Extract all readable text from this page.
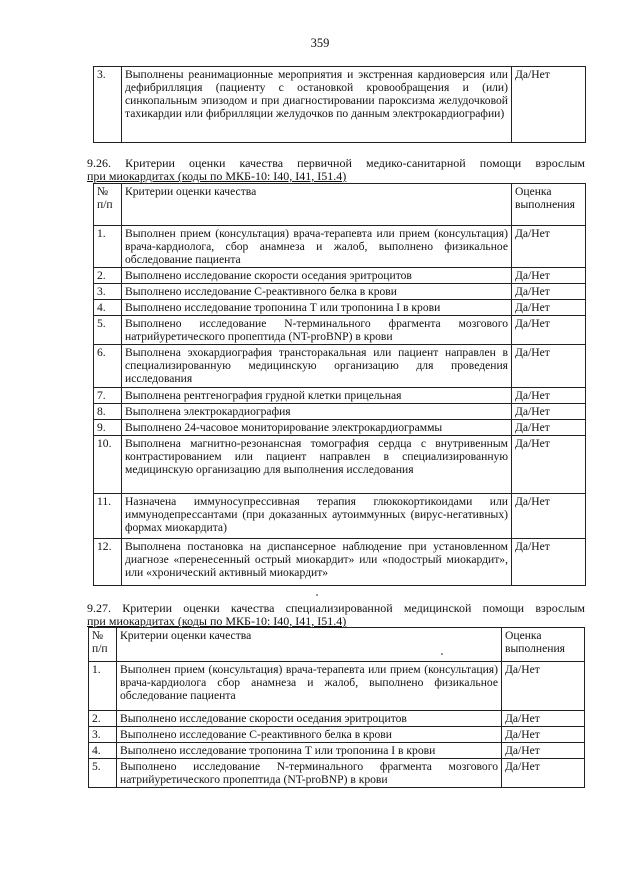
359
3.	Выполнены реанимационные мероприятия и экстренная кардиоверсия или дефибрилляция (пациенту с остановкой кровообращения и (или) синкопальным эпизодом и при диагностировании пароксизма желудочковой тахикардии или фибрилляции желудочков по данным электрокардиографии)	Да/Нет
9.26. Критерии оценки качества первичной медико-санитарной помощи взрослым
при миокардитах (коды по МКБ-10: I40, I41, I51.4)
№ п/п	Критерии оценки качества	Оценка выполнения
1.	Выполнен прием (консультация) врача-терапевта или прием (консультация) врача-кардиолога, сбор анамнеза и жалоб, выполнено физикальное обследование пациента	Да/Нет
2.	Выполнено исследование скорости оседания эритроцитов	Да/Нет
3.	Выполнено исследование С-реактивного белка в крови	Да/Нет
4.	Выполнено исследование тропонина Т или тропонина I в крови	Да/Нет
5.	Выполнено исследование N-терминального фрагмента мозгового натрийуретического пропептида (NT-proBNP) в крови	Да/Нет
6.	Выполнена эхокардиография трансторакальная или пациент направлен в специализированную медицинскую организацию для проведения исследования	Да/Нет
7.	Выполнена рентгенография грудной клетки прицельная	Да/Нет
8.	Выполнена электрокардиография	Да/Нет
9.	Выполнено 24-часовое мониторирование электрокардиограммы	Да/Нет
10.	Выполнена магнитно-резонансная томография сердца с внутривенным контрастированием или пациент направлен в специализированную медицинскую организацию для выполнения исследования	Да/Нет
11.	Назначена иммуносупрессивная терапия глюкокортикоидами или иммунодепрессантами (при доказанных аутоиммунных (вирус-негативных) формах миокардита)	Да/Нет
12.	Выполнена постановка на диспансерное наблюдение при установленном диагнозе «перенесенный острый миокардит» или «подострый миокардит», или «хронический активный миокардит»	Да/Нет
9.27. Критерии оценки качества специализированной медицинской помощи взрослым
при миокардитах (коды по МКБ-10: I40, I41, I51.4)
№ п/п	Критерии оценки качества	Оценка выполнения
1.	Выполнен прием (консультация) врача-терапевта или прием (консультация) врача-кардиолога сбор анамнеза и жалоб, выполнено физикальное обследование пациента	Да/Нет
2.	Выполнено исследование скорости оседания эритроцитов	Да/Нет
3.	Выполнено исследование С-реактивного белка в крови	Да/Нет
4.	Выполнено исследование тропонина Т или тропонина I в крови	Да/Нет
5.	Выполнено исследование N-терминального фрагмента мозгового натрийуретического пропептида (NT-proBNP) в крови	Да/Нет
